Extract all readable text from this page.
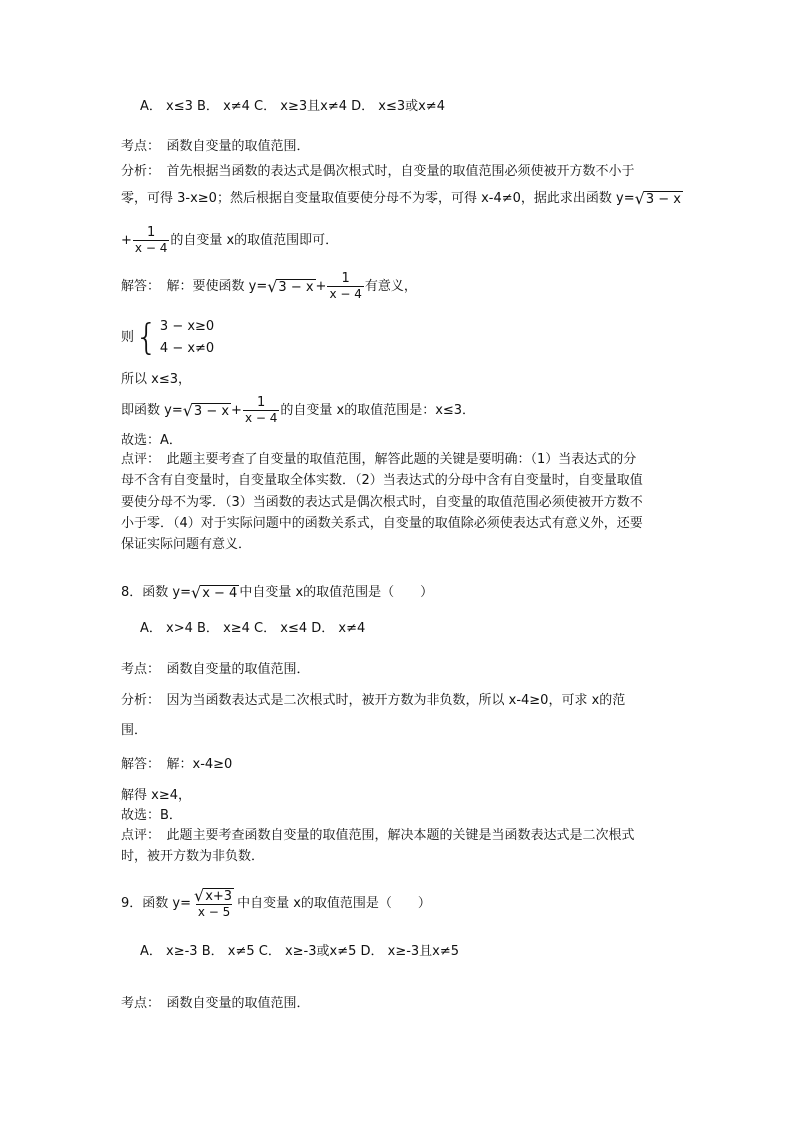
A． x≤3 B． x≠4 C． x≥3且x≠4 D． x≤3或x≠4
考点：　函数自变量的取值范围．
分析：　首先根据当函数的表达式是偶次根式时，自变量的取值范围必须使被开方数不小于
零，可得 3-x≥0；然后根据自变量取值要使分母不为零，可得 x-4≠0，据此求出函数 y= √ 3 − x
+ $\frac{1}{x - 4}$ 的自变量 x的取值范围即可．
解答：　解：要使函数 y= √ $3 - x + \frac{1}{x - 4}$ 有意义，
则 { 3 − x≥0
4 − x≠0
所以 x≤3，
即函数 y= √ $3 - x + \frac{1}{x - 4}$ 的自变量 x的取值范围是：x≤3．
故选：A．
点评：　此题主要考查了自变量的取值范围，解答此题的关键是要明确：（1）当表达式的分
母不含有自变量时，自变量取全体实数．（2）当表达式的分母中含有自变量时，自变量取值
要使分母不为零．（3）当函数的表达式是偶次根式时，自变量的取值范围必须使被开方数不
小于零．（4）对于实际问题中的函数关系式，自变量的取值除必须使表达式有意义外，还要
保证实际问题有意义．
8．函数 y= √ x − 4 中自变量 x的取值范围是（　　）
A． x>4 B． x≥4 C． x≤4 D． x≠4
考点：　函数自变量的取值范围．
分析：　因为当函数表达式是二次根式时，被开方数为非负数，所以 x-4≥0，可求 x的范
围．
解答：　解：x-4≥0
解得 x≥4，
故选：B．
点评：　此题主要考查函数自变量的取值范围，解决本题的关键是当函数表达式是二次根式
时，被开方数为非负数．
9．函数 $y= \frac{√ x+3}{x - 5}$ 中自变量 x的取值范围是（　　）
A． x≥-3 B． x≠5 C． x≥-3或x≠5 D． x≥-3且x≠5
考点：　函数自变量的取值范围．
